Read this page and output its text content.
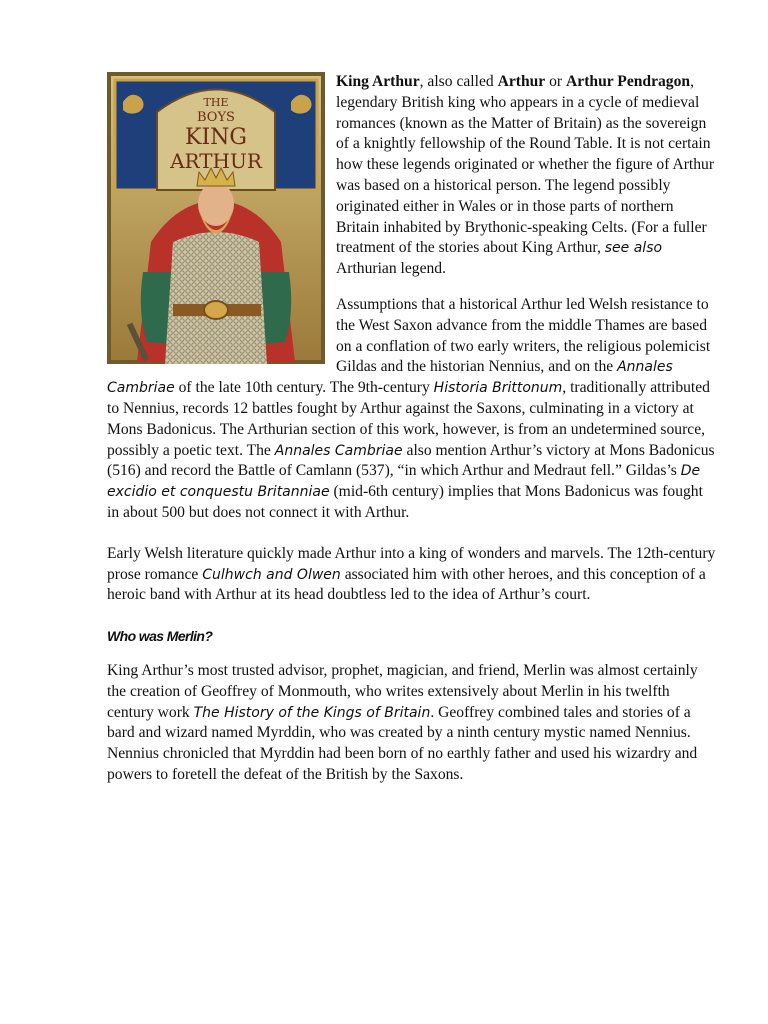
THE
BOYS
KING
ARTHUR

King Arthur, also called Arthur or Arthur Pendragon, legendary British king who appears in a cycle of medieval romances (known as the Matter of Britain) as the sovereign of a knightly fellowship of the Round Table. It is not certain how these legends originated or whether the figure of Arthur was based on a historical person. The legend possibly originated either in Wales or in those parts of northern Britain inhabited by Brythonic-speaking Celts. (For a fuller treatment of the stories about King Arthur, see also Arthurian legend.

Assumptions that a historical Arthur led Welsh resistance to the West Saxon advance from the middle Thames are based on a conflation of two early writers, the religious polemicist Gildas and the historian Nennius, and on the Annales Cambriae of the late 10th century. The 9th-century Historia Brittonum, traditionally attributed to Nennius, records 12 battles fought by Arthur against the Saxons, culminating in a victory at Mons Badonicus. The Arthurian section of this work, however, is from an undetermined source, possibly a poetic text. The Annales Cambriae also mention Arthur’s victory at Mons Badonicus (516) and record the Battle of Camlann (537), “in which Arthur and Medraut fell.” Gildas’s De excidio et conquestu Britanniae (mid-6th century) implies that Mons Badonicus was fought in about 500 but does not connect it with Arthur.

Early Welsh literature quickly made Arthur into a king of wonders and marvels. The 12th-century prose romance Culhwch and Olwen associated him with other heroes, and this conception of a heroic band with Arthur at its head doubtless led to the idea of Arthur’s court.

Who was Merlin?

King Arthur’s most trusted advisor, prophet, magician, and friend, Merlin was almost certainly the creation of Geoffrey of Monmouth, who writes extensively about Merlin in his twelfth century work The History of the Kings of Britain. Geoffrey combined tales and stories of a bard and wizard named Myrddin, who was created by a ninth century mystic named Nennius. Nennius chronicled that Myrddin had been born of no earthly father and used his wizardry and powers to foretell the defeat of the British by the Saxons.
